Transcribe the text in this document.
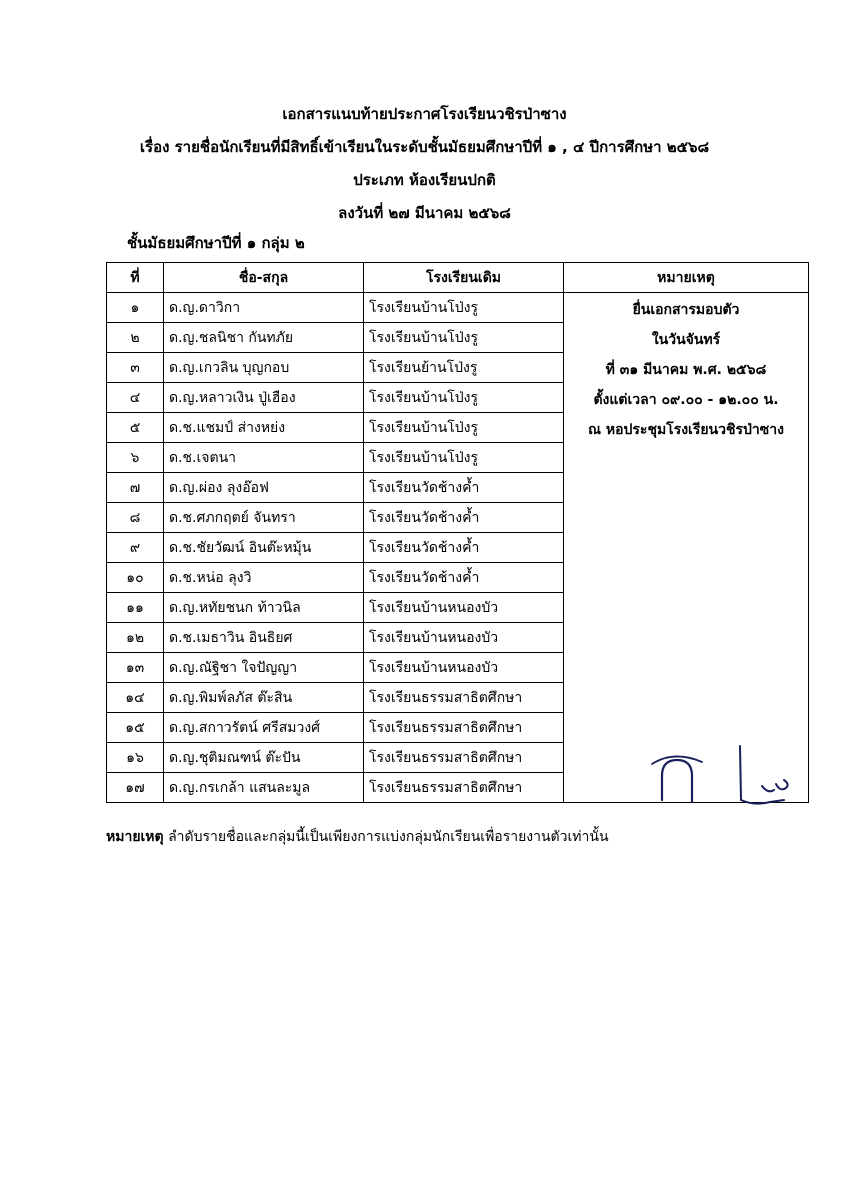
เอกสารแนบท้ายประกาศโรงเรียนวชิรป่าซาง
เรื่อง รายชื่อนักเรียนที่มีสิทธิ์เข้าเรียนในระดับชั้นมัธยมศึกษาปีที่ ๑ , ๔ ปีการศึกษา ๒๕๖๘
ประเภท ห้องเรียนปกติ
ลงวันที่ ๒๗ มีนาคม ๒๕๖๘
ชั้นมัธยมศึกษาปีที่ ๑ กลุ่ม ๒
ที่	ชื่อ-สกุล	โรงเรียนเดิม	หมายเหตุ
๑	ด.ญ.ดาวิกา	โรงเรียนบ้านโป่งรู	ยื่นเอกสารมอบตัว
ในวันจันทร์
ที่ ๓๑ มีนาคม พ.ศ. ๒๕๖๘
ตั้งแต่เวลา ๐๙.๐๐ - ๑๒.๐๐ น.
ณ หอประชุมโรงเรียนวชิรป่าซาง

๒	ด.ญ.ชลนิชา กันทภัย	โรงเรียนบ้านโป่งรู	
๓	ด.ญ.เกวลิน บุญกอบ	โรงเรียนย้านโป่งรู	
๔	ด.ญ.หลาวเงิน ปู่เฮือง	โรงเรียนบ้านโป่งรู	
๕	ด.ช.แชมป์ ส่างหย่ง	โรงเรียนบ้านโป่งรู	
๖	ด.ช.เจตนา	โรงเรียนบ้านโป่งรู	
๗	ด.ญ.ผ่อง ลุงอ๊อฟ	โรงเรียนวัดช้างค้ำ	
๘	ด.ช.ศภกฤตย์ จันทรา	โรงเรียนวัดช้างค้ำ	
๙	ด.ช.ชัยวัฒน์ อินต๊ะหมุ้น	โรงเรียนวัดช้างค้ำ	
๑๐	ด.ช.หน่อ ลุงวิ	โรงเรียนวัดช้างค้ำ	
๑๑	ด.ญ.หทัยชนก ท้าวนิล	โรงเรียนบ้านหนองบัว	
๑๒	ด.ช.เมธาวิน อินธิยศ	โรงเรียนบ้านหนองบัว	
๑๓	ด.ญ.ณัฐิชา ใจปัญญา	โรงเรียนบ้านหนองบัว	
๑๔	ด.ญ.พิมพ์ลภัส ต๊ะสิน	โรงเรียนธรรมสาธิตศึกษา	
๑๕	ด.ญ.สกาวรัตน์ ศรีสมวงศ์	โรงเรียนธรรมสาธิตศึกษา	
๑๖	ด.ญ.ชุติมณฑน์ ต๊ะปัน	โรงเรียนธรรมสาธิตศึกษา	
๑๗	ด.ญ.กรเกล้า แสนละมูล	โรงเรียนธรรมสาธิตศึกษา	
หมายเหตุ ลำดับรายชื่อและกลุ่มนี้เป็นเพียงการแบ่งกลุ่มนักเรียนเพื่อรายงานตัวเท่านั้น
